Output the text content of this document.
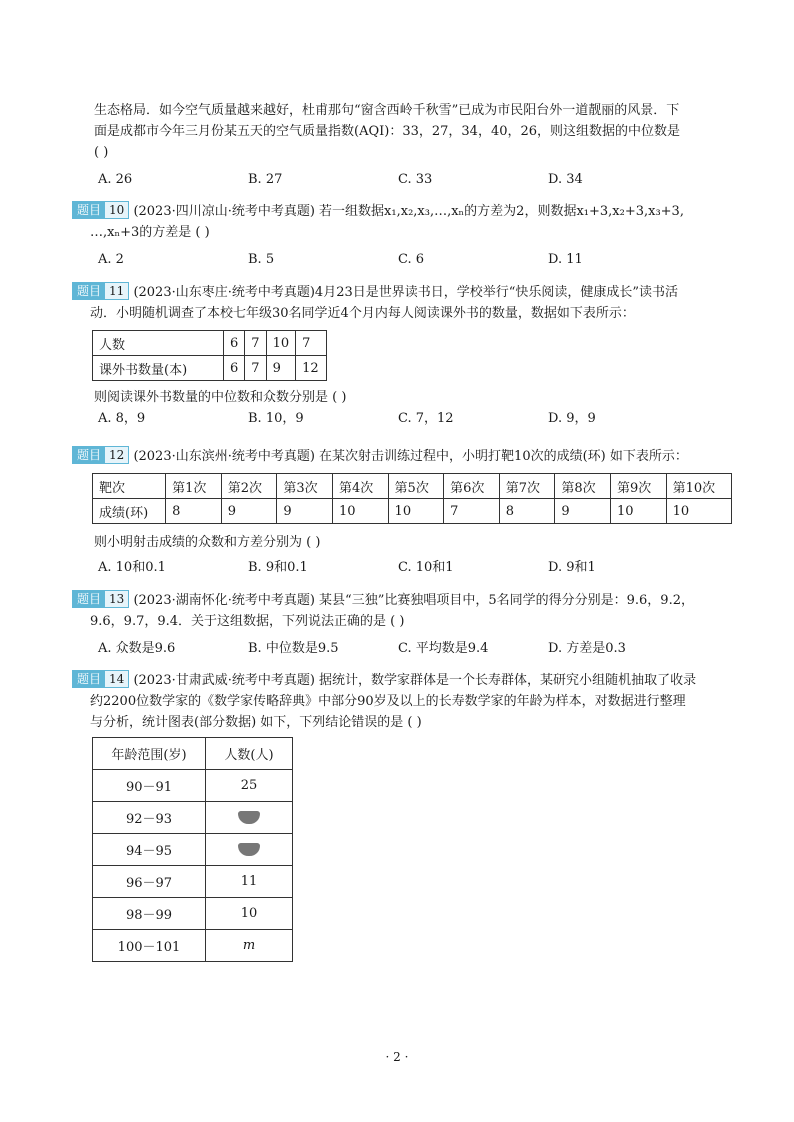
生态格局．如今空气质量越来越好，杜甫那句“窗含西岭千秋雪”已成为市民阳台外一道靓丽的风景．下
面是成都市今年三月份某五天的空气质量指数(AQI)：33，27，34，40，26，则这组数据的中位数是
( )
A. 26	B. 27	C. 33	D. 34
题目 10 (2023·四川凉山·统考中考真题) 若一组数据x₁,x₂,x₃,…,xₙ的方差为2，则数据x₁+3,x₂+3,x₃+3,
…,xₙ+3的方差是 ( )
A. 2	B. 5	C. 6	D. 11
题目 11 (2023·山东枣庄·统考中考真题)4月23日是世界读书日，学校举行“快乐阅读，健康成长”读书活
动．小明随机调查了本校七年级30名同学近4个月内每人阅读课外书的数量，数据如下表所示：
人数	6	7	10	7
课外书数量(本)	6	7	9	12
则阅读课外书数量的中位数和众数分别是 ( )
A. 8，9	B. 10，9	C. 7，12	D. 9，9
题目 12 (2023·山东滨州·统考中考真题) 在某次射击训练过程中，小明打靶10次的成绩(环) 如下表所示：
靶次	第1次	第2次	第3次	第4次	第5次	第6次	第7次	第8次	第9次	第10次
成绩(环)	8	9	9	10	10	7	8	9	10	10
则小明射击成绩的众数和方差分别为 ( )
A. 10和0.1	B. 9和0.1	C. 10和1	D. 9和1
题目 13 (2023·湖南怀化·统考中考真题) 某县“三独”比赛独唱项目中，5名同学的得分分别是：9.6，9.2，
9.6，9.7，9.4．关于这组数据，下列说法正确的是 ( )
A. 众数是9.6	B. 中位数是9.5	C. 平均数是9.4	D. 方差是0.3
题目 14 (2023·甘肃武威·统考中考真题) 据统计，数学家群体是一个长寿群体，某研究小组随机抽取了收录
约2200位数学家的《数学家传略辞典》中部分90岁及以上的长寿数学家的年龄为样本，对数据进行整理
与分析，统计图表(部分数据) 如下，下列结论错误的是 ( )
年龄范围(岁)	人数(人)
90－91	25
92－93	
94－95	
96－97	11
98－99	10
100－101	m
· 2 ·
